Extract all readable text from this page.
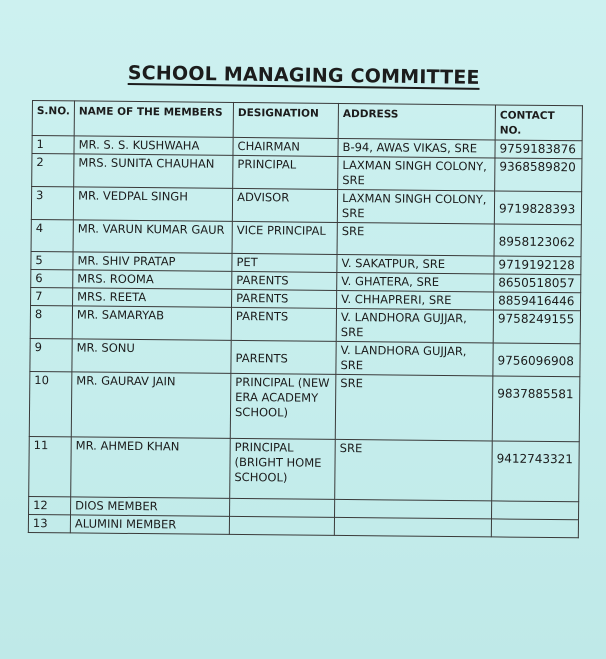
SCHOOL MANAGING COMMITTEE
S.NO.	NAME OF THE MEMBERS	DESIGNATION	ADDRESS	CONTACT NO.
1	MR. S. S. KUSHWAHA	CHAIRMAN	B-94, AWAS VIKAS, SRE	9759183876
2	MRS. SUNITA CHAUHAN	PRINCIPAL	LAXMAN SINGH COLONY, SRE	9368589820
3	MR. VEDPAL SINGH	ADVISOR	LAXMAN SINGH COLONY, SRE	9719828393
4	MR. VARUN KUMAR GAUR	VICE PRINCIPAL	SRE	8958123062
5	MR. SHIV PRATAP	PET	V. SAKATPUR, SRE	9719192128
6	MRS. ROOMA	PARENTS	V. GHATERA, SRE	8650518057
7	MRS. REETA	PARENTS	V. CHHAPRERI, SRE	8859416446
8	MR. SAMARYAB	PARENTS	V. LANDHORA GUJJAR, SRE	9758249155
9	MR. SONU	PARENTS	V. LANDHORA GUJJAR, SRE	9756096908
10	MR. GAURAV JAIN	PRINCIPAL (NEW ERA ACADEMY SCHOOL)	SRE	9837885581
11	MR. AHMED KHAN	PRINCIPAL (BRIGHT HOME SCHOOL)	SRE	9412743321
12	DIOS MEMBER			
13	ALUMINI MEMBER			
